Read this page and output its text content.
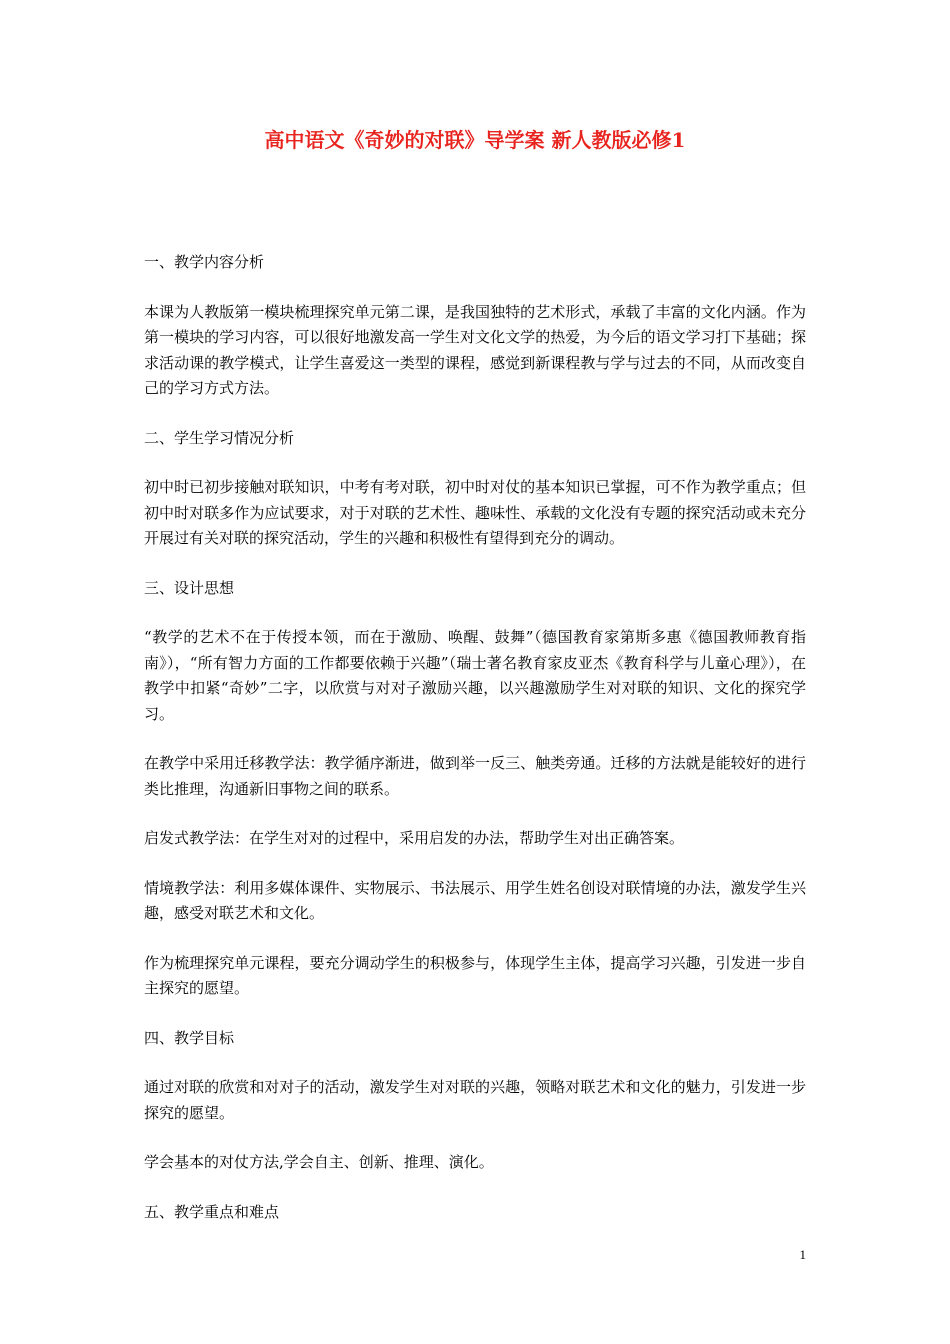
高中语文《奇妙的对联》导学案 新人教版必修1

一、教学内容分析

本课为人教版第一模块梳理探究单元第二课，是我国独特的艺术形式，承载了丰富的文化内涵。作为第一模块的学习内容，可以很好地激发高一学生对文化文学的热爱，为今后的语文学习打下基础；探求活动课的教学模式，让学生喜爱这一类型的课程，感觉到新课程教与学与过去的不同，从而改变自己的学习方式方法。

二、学生学习情况分析

初中时已初步接触对联知识，中考有考对联，初中时对仗的基本知识已掌握，可不作为教学重点；但初中时对联多作为应试要求，对于对联的艺术性、趣味性、承载的文化没有专题的探究活动或未充分开展过有关对联的探究活动，学生的兴趣和积极性有望得到充分的调动。

三、设计思想

“教学的艺术不在于传授本领，而在于激励、唤醒、鼓舞”（德国教育家第斯多惠《德国教师教育指南》），“所有智力方面的工作都要依赖于兴趣”（瑞士著名教育家皮亚杰《教育科学与儿童心理》），在教学中扣紧“奇妙”二字，以欣赏与对对子激励兴趣，以兴趣激励学生对对联的知识、文化的探究学习。

在教学中采用迁移教学法：教学循序渐进，做到举一反三、触类旁通。迁移的方法就是能较好的进行类比推理，沟通新旧事物之间的联系。

启发式教学法：在学生对对的过程中，采用启发的办法，帮助学生对出正确答案。

情境教学法：利用多媒体课件、实物展示、书法展示、用学生姓名创设对联情境的办法，激发学生兴趣，感受对联艺术和文化。

作为梳理探究单元课程，要充分调动学生的积极参与，体现学生主体，提高学习兴趣，引发进一步自主探究的愿望。

四、教学目标

通过对联的欣赏和对对子的活动，激发学生对对联的兴趣，领略对联艺术和文化的魅力，引发进一步探究的愿望。

学会基本的对仗方法,学会自主、创新、推理、演化。

五、教学重点和难点

1
